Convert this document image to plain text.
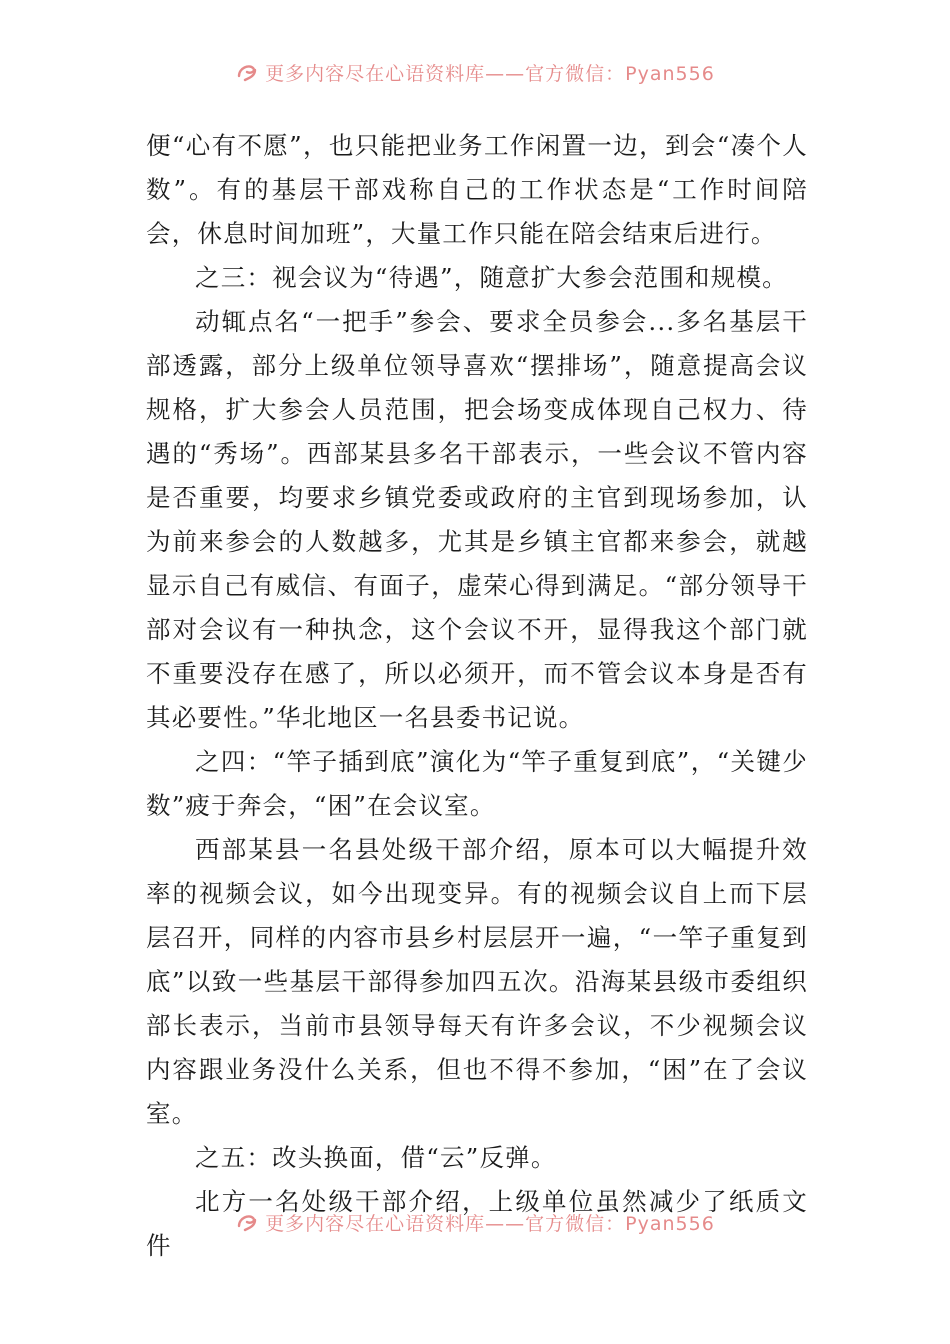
更多内容尽在心语资料库——官方微信：Pyan556

便“心有不愿”，也只能把业务工作闲置一边，到会“凑个人数”。有的基层干部戏称自己的工作状态是“工作时间陪会，休息时间加班”，大量工作只能在陪会结束后进行。

之三：视会议为“待遇”，随意扩大参会范围和规模。

动辄点名“一把手”参会、要求全员参会...多名基层干部透露，部分上级单位领导喜欢“摆排场”，随意提高会议规格，扩大参会人员范围，把会场变成体现自己权力、待遇的“秀场”。西部某县多名干部表示，一些会议不管内容是否重要，均要求乡镇党委或政府的主官到现场参加，认为前来参会的人数越多，尤其是乡镇主官都来参会，就越显示自己有威信、有面子，虚荣心得到满足。“部分领导干部对会议有一种执念，这个会议不开，显得我这个部门就不重要没存在感了，所以必须开，而不管会议本身是否有其必要性。”华北地区一名县委书记说。

之四：“竿子插到底”演化为“竿子重复到底”，“关键少数”疲于奔会，“困”在会议室。

西部某县一名县处级干部介绍，原本可以大幅提升效率的视频会议，如今出现变异。有的视频会议自上而下层层召开，同样的内容市县乡村层层开一遍，“一竿子重复到底”以致一些基层干部得参加四五次。沿海某县级市委组织部长表示，当前市县领导每天有许多会议，不少视频会议内容跟业务没什么关系，但也不得不参加，“困”在了会议室。

之五：改头换面，借“云”反弹。

北方一名处级干部介绍，上级单位虽然减少了纸质文件

更多内容尽在心语资料库——官方微信：Pyan556
